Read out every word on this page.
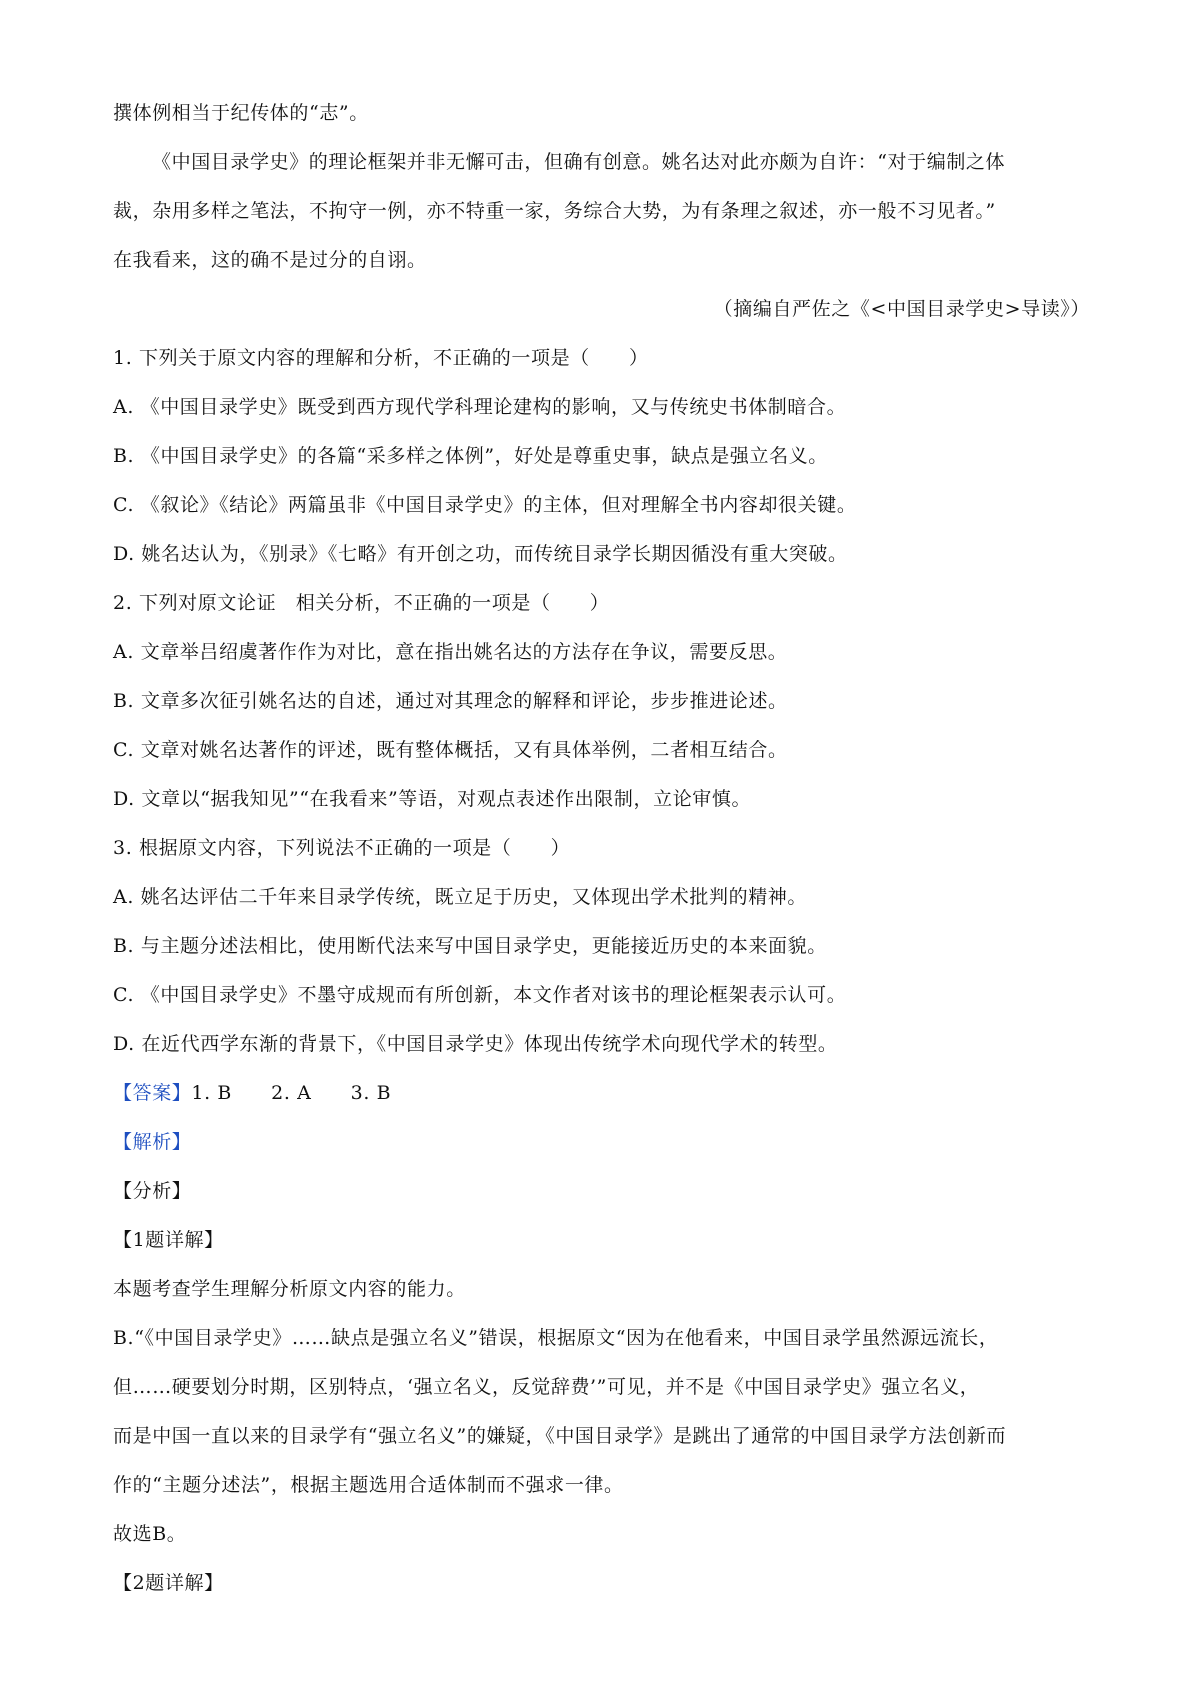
撰体例相当于纪传体的“志”。
《中国目录学史》的理论框架并非无懈可击，但确有创意。姚名达对此亦颇为自许：“对于编制之体
裁，杂用多样之笔法，不拘守一例，亦不特重一家，务综合大势，为有条理之叙述，亦一般不习见者。”
在我看来，这的确不是过分的自诩。
（摘编自严佐之《<中国目录学史>导读》）
1. 下列关于原文内容的理解和分析，不正确的一项是（　　）
A. 《中国目录学史》既受到西方现代学科理论建构的影响，又与传统史书体制暗合。
B. 《中国目录学史》的各篇“采多样之体例”，好处是尊重史事，缺点是强立名义。
C. 《叙论》《结论》两篇虽非《中国目录学史》的主体，但对理解全书内容却很关键。
D. 姚名达认为，《别录》《七略》有开创之功，而传统目录学长期因循没有重大突破。
2. 下列对原文论证　相关分析，不正确的一项是（　　）
A. 文章举吕绍虞著作作为对比，意在指出姚名达的方法存在争议，需要反思。
B. 文章多次征引姚名达的自述，通过对其理念的解释和评论，步步推进论述。
C. 文章对姚名达著作的评述，既有整体概括，又有具体举例，二者相互结合。
D. 文章以“据我知见”“在我看来”等语，对观点表述作出限制，立论审慎。
3. 根据原文内容，下列说法不正确的一项是（　　）
A. 姚名达评估二千年来目录学传统，既立足于历史，又体现出学术批判的精神。
B. 与主题分述法相比，使用断代法来写中国目录学史，更能接近历史的本来面貌。
C. 《中国目录学史》不墨守成规而有所创新，本文作者对该书的理论框架表示认可。
D. 在近代西学东渐的背景下，《中国目录学史》体现出传统学术向现代学术的转型。
【答案】1. B　　2. A　　3. B
【解析】
【分析】
【1题详解】
本题考查学生理解分析原文内容的能力。
B.“《中国目录学史》……缺点是强立名义”错误，根据原文“因为在他看来，中国目录学虽然源远流长，
但……硬要划分时期，区别特点，‘强立名义，反觉辞费’”可见，并不是《中国目录学史》强立名义，
而是中国一直以来的目录学有“强立名义”的嫌疑，《中国目录学》是跳出了通常的中国目录学方法创新而
作的“主题分述法”，根据主题选用合适体制而不强求一律。
故选B。
【2题详解】
